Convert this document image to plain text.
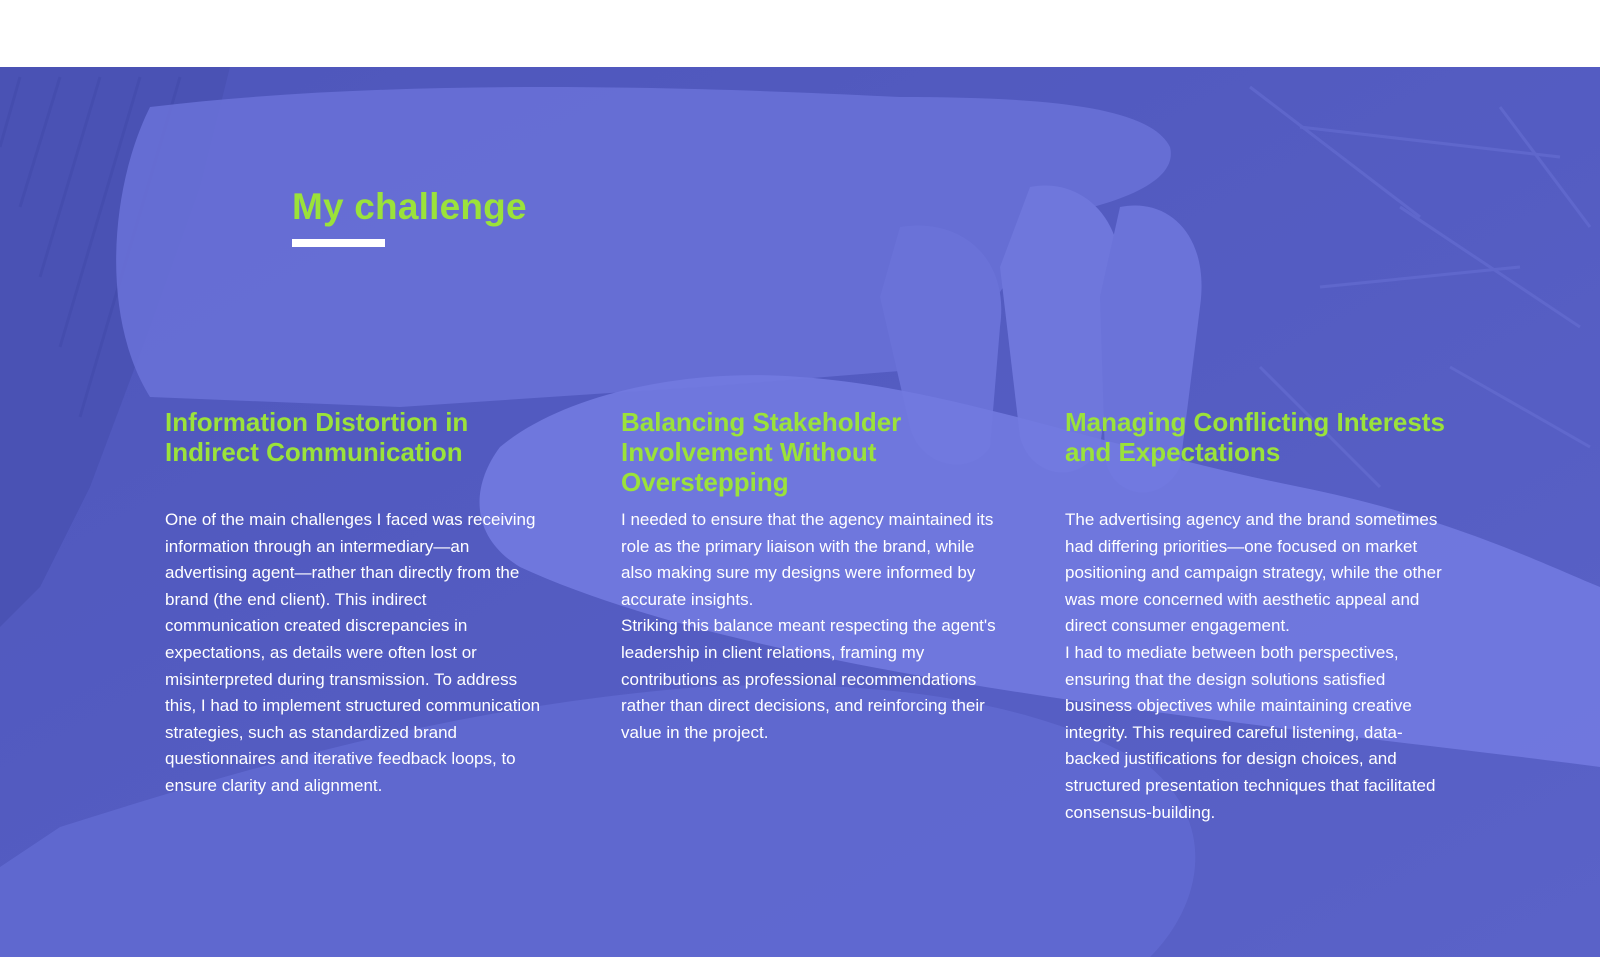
My challenge
Information Distortion in Indirect Communication

One of the main challenges I faced was receiving information through an intermediary—an advertising agent—rather than directly from the brand (the end client). This indirect communication created discrepancies in expectations, as details were often lost or misinterpreted during transmission. To address this, I had to implement structured communication strategies, such as standardized brand questionnaires and iterative feedback loops, to ensure clarity and alignment.

Balancing Stakeholder Involvement Without Overstepping

I needed to ensure that the agency maintained its role as the primary liaison with the brand, while also making sure my designs were informed by accurate insights.
Striking this balance meant respecting the agent's leadership in client relations, framing my contributions as professional recommendations rather than direct decisions, and reinforcing their value in the project.

Managing Conflicting Interests and Expectations

The advertising agency and the brand sometimes had differing priorities—one focused on market positioning and campaign strategy, while the other was more concerned with aesthetic appeal and direct consumer engagement.
I had to mediate between both perspectives, ensuring that the design solutions satisfied business objectives while maintaining creative integrity. This required careful listening, data-backed justifications for design choices, and structured presentation techniques that facilitated consensus-building.
